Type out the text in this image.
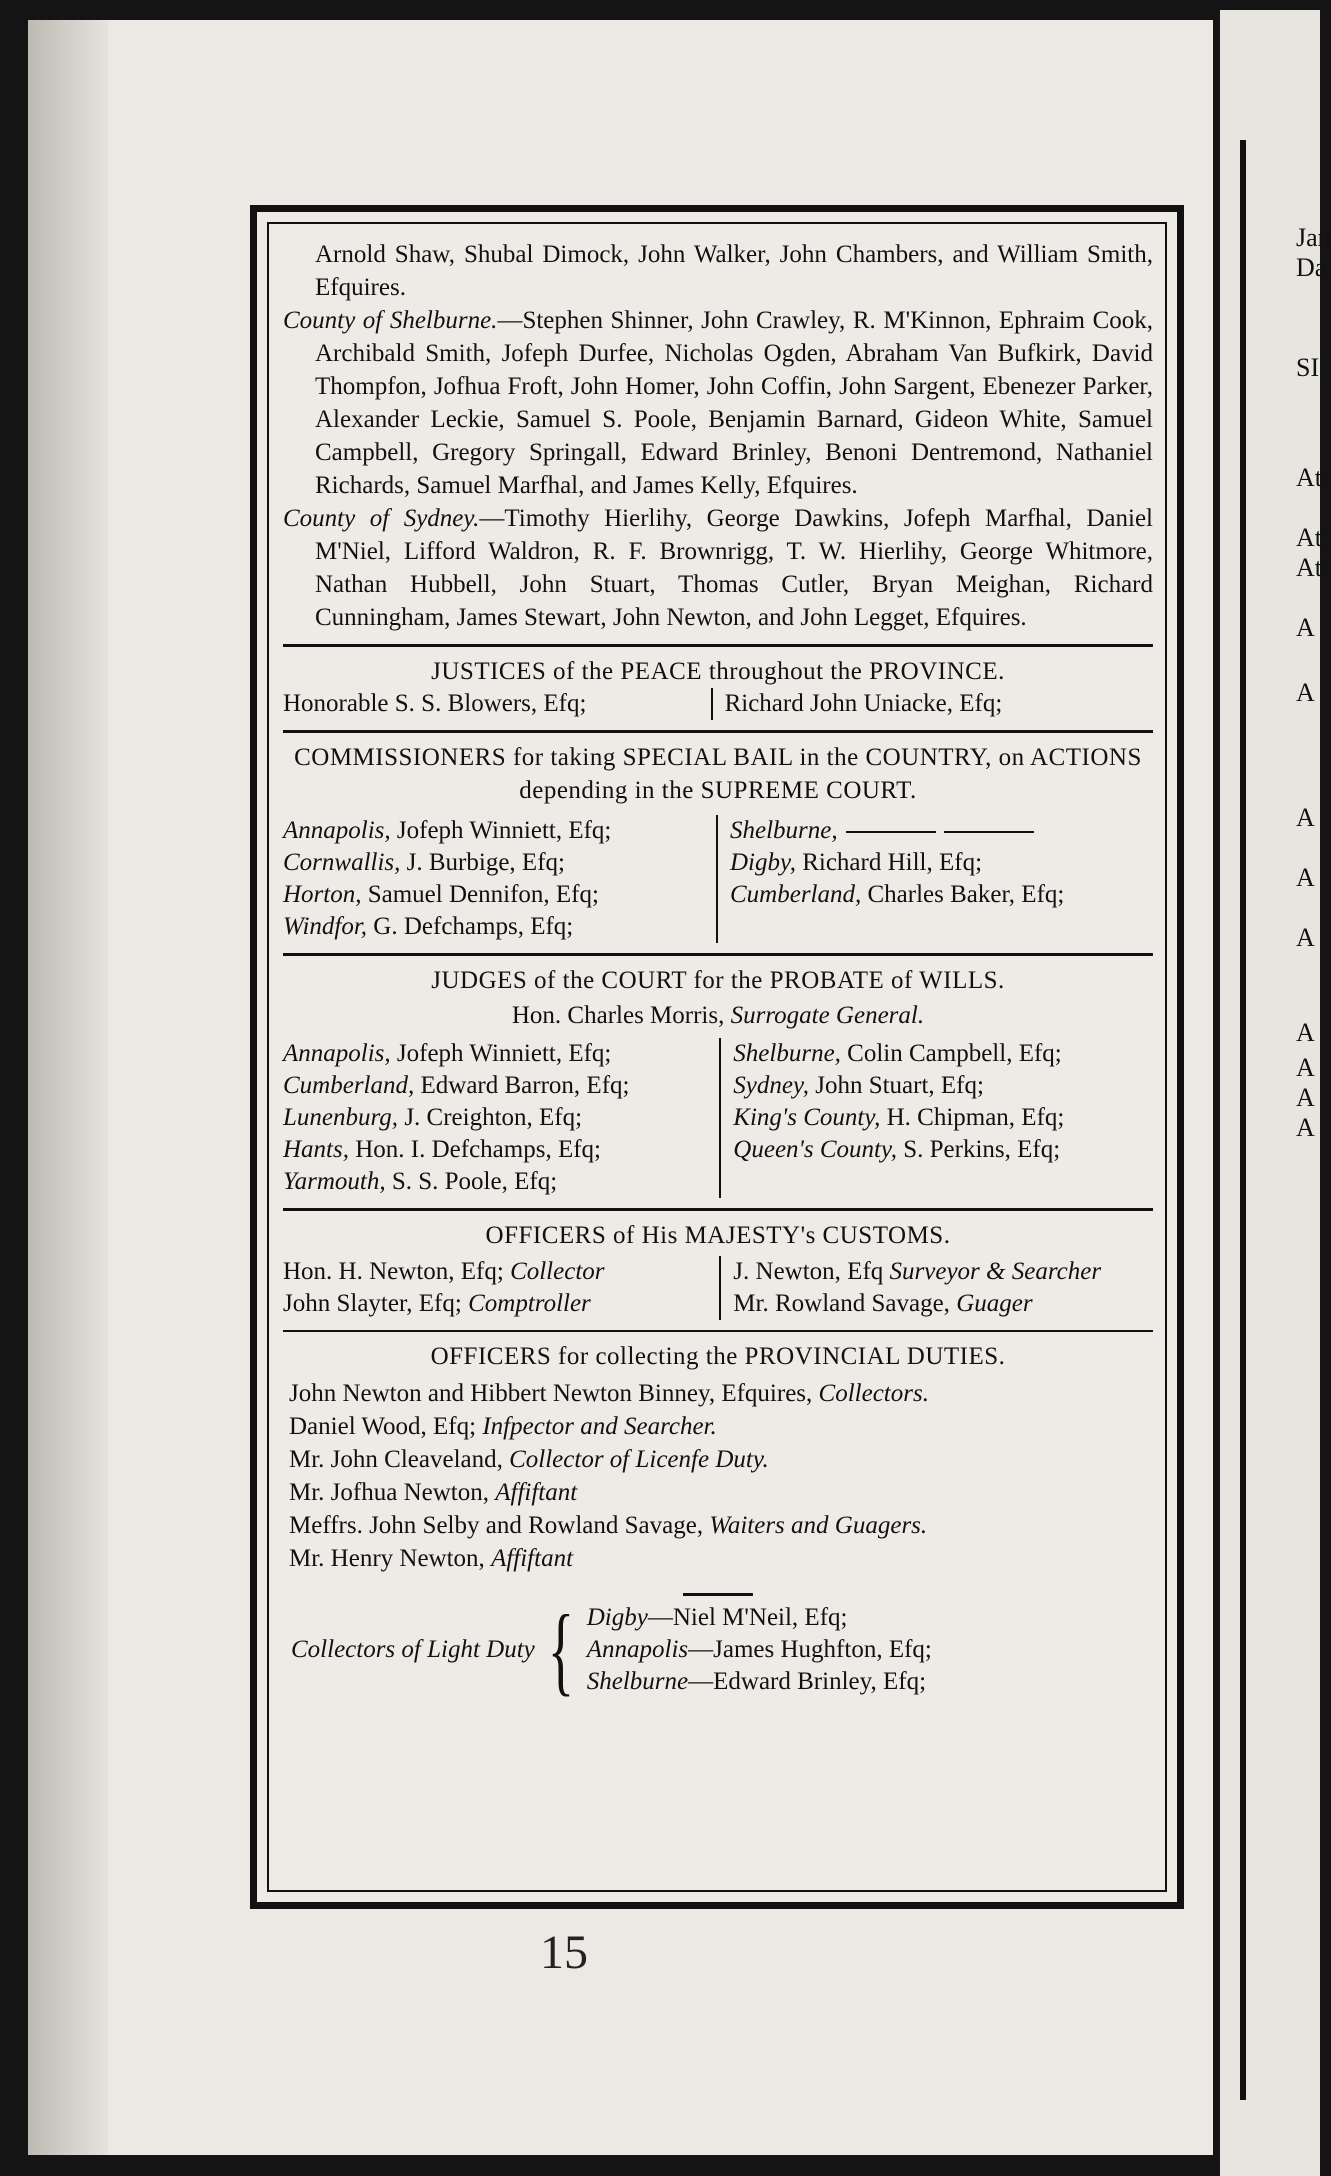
Jan
Da
SI
At
At
At
A
A
A
A
A
A
A
A
A

Arnold Shaw, Shubal Dimock, John Walker, John Chambers, and William Smith, Efquires.

County of Shelburne.—Stephen Shinner, John Crawley, R. M'Kinnon, Ephraim Cook, Archibald Smith, Jofeph Durfee, Nicholas Ogden, Abraham Van Bufkirk, David Thompfon, Jofhua Froft, John Homer, John Coffin, John Sargent, Ebenezer Parker, Alexander Leckie, Samuel S. Poole, Benjamin Barnard, Gideon White, Samuel Campbell, Gregory Springall, Edward Brinley, Benoni Dentremond, Nathaniel Richards, Samuel Marfhal, and James Kelly, Efquires.

County of Sydney.—Timothy Hierlihy, George Dawkins, Jofeph Marfhal, Daniel M'Niel, Lifford Waldron, R. F. Brownrigg, T. W. Hierlihy, George Whitmore, Nathan Hubbell, John Stuart, Thomas Cutler, Bryan Meighan, Richard Cunningham, James Stewart, John Newton, and John Legget, Efquires.

JUSTICES of the PEACE throughout the PROVINCE.

Honorable S. S. Blowers, Efq;	Richard John Uniacke, Efq;

COMMISSIONERS for taking SPECIAL BAIL in the COUNTRY, on ACTIONS depending in the SUPREME COURT.

Annapolis, Jofeph Winniett, Efq;
Cornwallis, J. Burbige, Efq;
Horton, Samuel Dennifon, Efq;
Windfor, G. Defchamps, Efq;
Shelburne,
Digby, Richard Hill, Efq;
Cumberland, Charles Baker, Efq;

JUDGES of the COURT for the PROBATE of WILLS.

Hon. Charles Morris, Surrogate General.

Annapolis, Jofeph Winniett, Efq;
Cumberland, Edward Barron, Efq;
Lunenburg, J. Creighton, Efq;
Hants, Hon. I. Defchamps, Efq;
Yarmouth, S. S. Poole, Efq;
Shelburne, Colin Campbell, Efq;
Sydney, John Stuart, Efq;
King's County, H. Chipman, Efq;
Queen's County, S. Perkins, Efq;

OFFICERS of His MAJESTY's CUSTOMS.

Hon. H. Newton, Efq; Collector
John Slayter, Efq; Comptroller
J. Newton, Efq Surveyor & Searcher
Mr. Rowland Savage, Guager

OFFICERS for collecting the PROVINCIAL DUTIES.

John Newton and Hibbert Newton Binney, Efquires, Collectors.
Daniel Wood, Efq; Infpector and Searcher.
Mr. John Cleaveland, Collector of Licenfe Duty.
Mr. Jofhua Newton, Affiftant
Meffrs. John Selby and Rowland Savage, Waiters and Guagers.
Mr. Henry Newton, Affiftant
Collectors of Light Duty { Digby—Niel M'Neil, Efq;
Annapolis—James Hughfton, Efq;
Shelburne—Edward Brinley, Efq;
15
